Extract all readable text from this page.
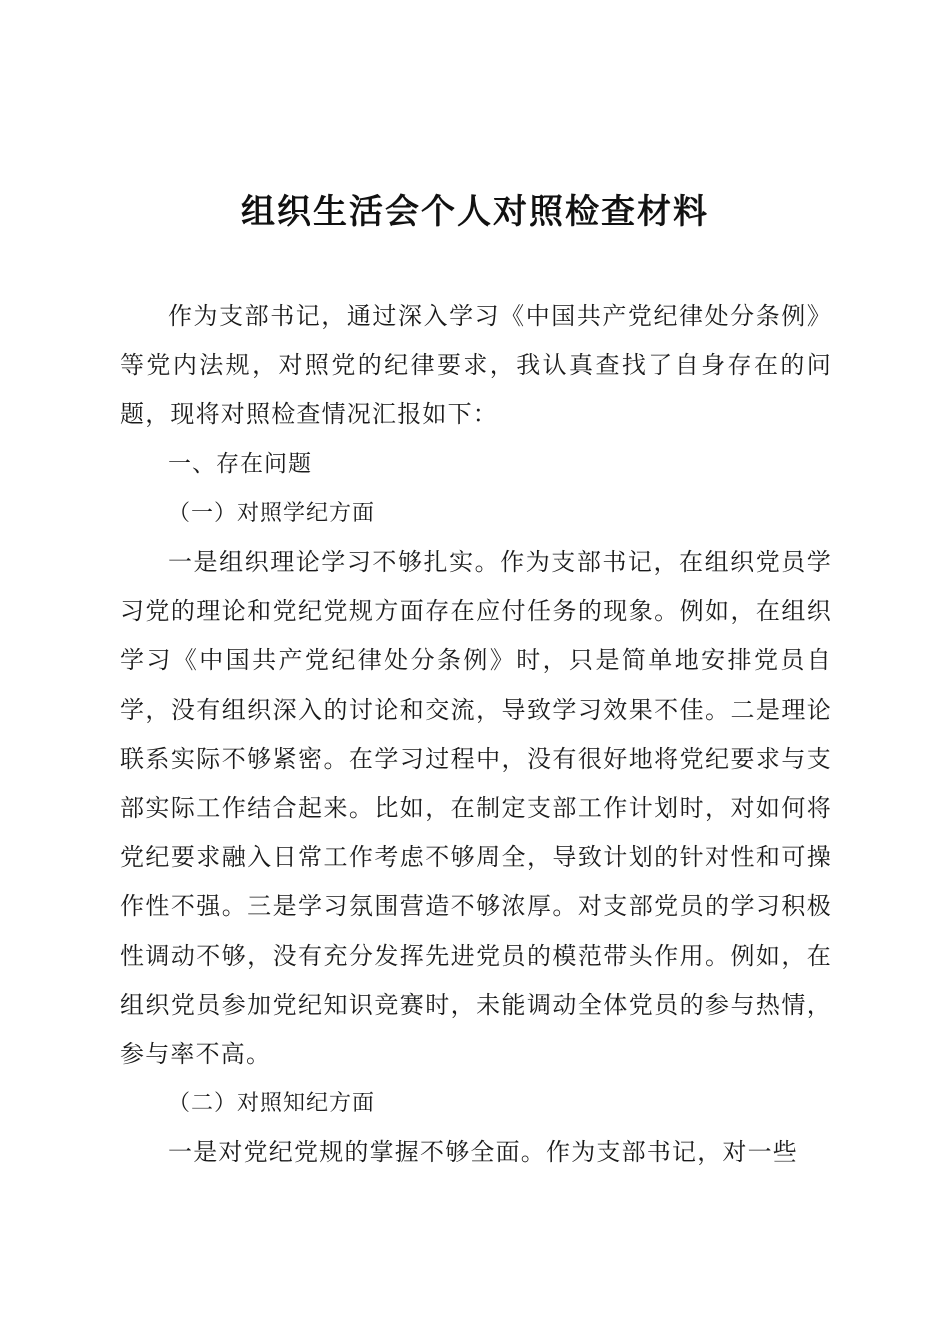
组织生活会个人对照检查材料

作为支部书记，通过深入学习《中国共产党纪律处分条例》等党内法规，对照党的纪律要求，我认真查找了自身存在的问题，现将对照检查情况汇报如下：

一、存在问题

（一）对照学纪方面

一是组织理论学习不够扎实。作为支部书记，在组织党员学习党的理论和党纪党规方面存在应付任务的现象。例如，在组织学习《中国共产党纪律处分条例》时，只是简单地安排党员自学，没有组织深入的讨论和交流，导致学习效果不佳。二是理论联系实际不够紧密。在学习过程中，没有很好地将党纪要求与支部实际工作结合起来。比如，在制定支部工作计划时，对如何将党纪要求融入日常工作考虑不够周全，导致计划的针对性和可操作性不强。三是学习氛围营造不够浓厚。对支部党员的学习积极性调动不够，没有充分发挥先进党员的模范带头作用。例如，在组织党员参加党纪知识竞赛时，未能调动全体党员的参与热情，参与率不高。

（二）对照知纪方面

一是对党纪党规的掌握不够全面。作为支部书记，对一些
